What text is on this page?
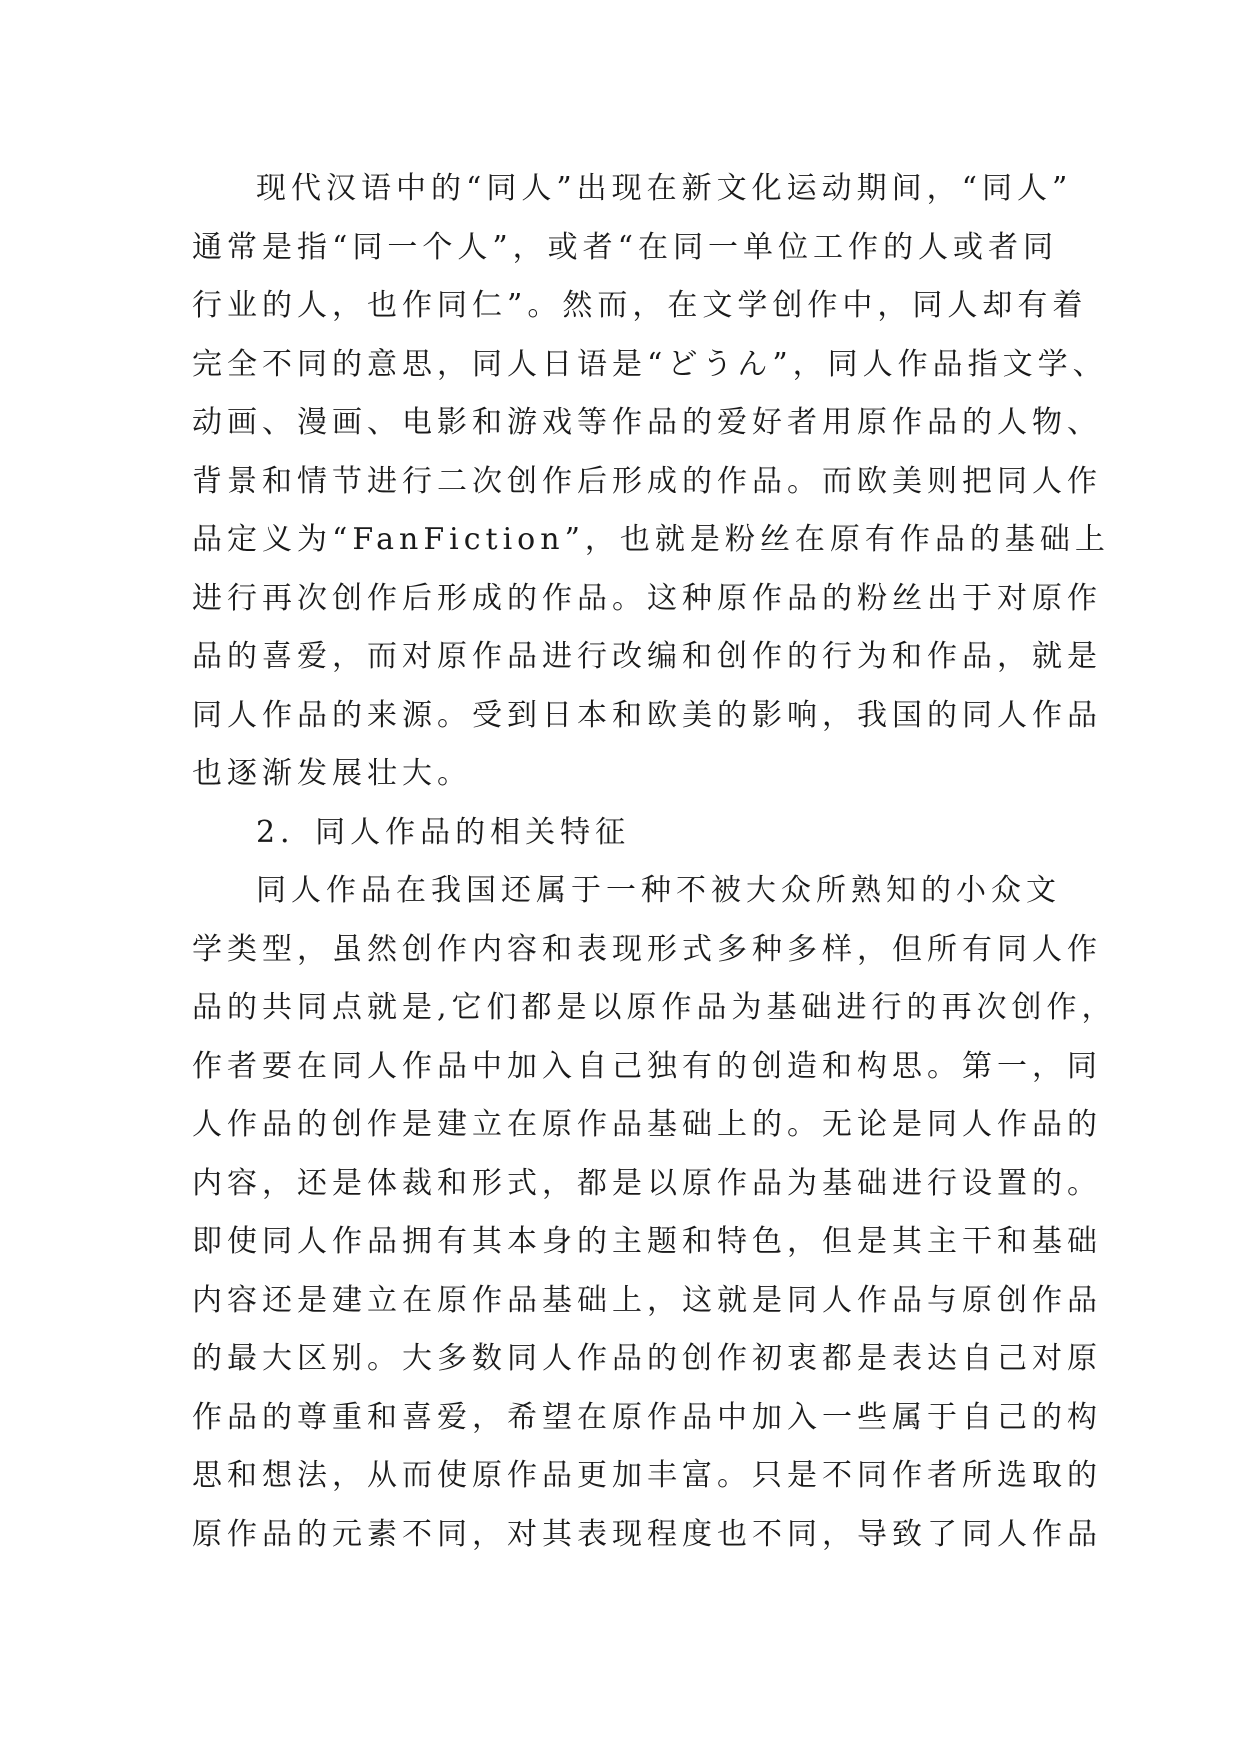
现代汉语中的“同人”出现在新文化运动期间，“同人”
通常是指“同一个人”，或者“在同一单位工作的人或者同
行业的人，也作同仁”。然而，在文学创作中，同人却有着
完全不同的意思，同人日语是“どうん”，同人作品指文学、
动画、漫画、电影和游戏等作品的爱好者用原作品的人物、
背景和情节进行二次创作后形成的作品。而欧美则把同人作
品定义为“FanFiction”，也就是粉丝在原有作品的基础上
进行再次创作后形成的作品。这种原作品的粉丝出于对原作
品的喜爱，而对原作品进行改编和创作的行为和作品，就是
同人作品的来源。受到日本和欧美的影响，我国的同人作品
也逐渐发展壮大。
2．同人作品的相关特征
同人作品在我国还属于一种不被大众所熟知的小众文
学类型，虽然创作内容和表现形式多种多样，但所有同人作
品的共同点就是,它们都是以原作品为基础进行的再次创作，
作者要在同人作品中加入自己独有的创造和构思。第一，同
人作品的创作是建立在原作品基础上的。无论是同人作品的
内容，还是体裁和形式，都是以原作品为基础进行设置的。
即使同人作品拥有其本身的主题和特色，但是其主干和基础
内容还是建立在原作品基础上，这就是同人作品与原创作品
的最大区别。大多数同人作品的创作初衷都是表达自己对原
作品的尊重和喜爱，希望在原作品中加入一些属于自己的构
思和想法，从而使原作品更加丰富。只是不同作者所选取的
原作品的元素不同，对其表现程度也不同，导致了同人作品
